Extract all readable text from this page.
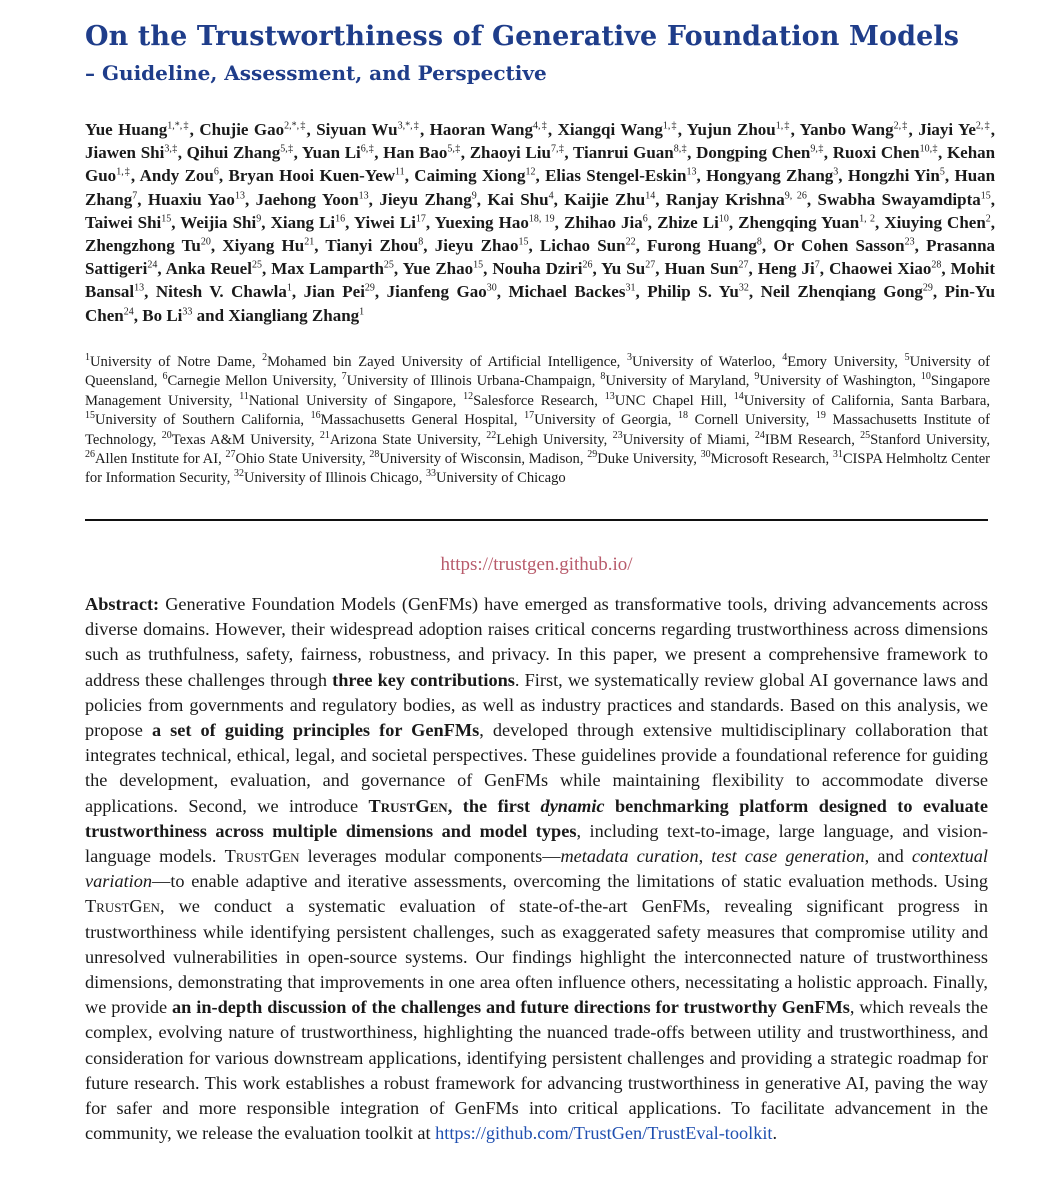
On the Trustworthiness of Generative Foundation Models
– Guideline, Assessment, and Perspective
Yue Huang$^{1,*,\ddagger}$, Chujie Gao$^{2,*,\ddagger}$, Siyuan $Wu^{3,*,\ddagger}$, Haoran Wang$^{4,\ddagger}$, Xiangqi Wang$^{1,\ddagger}$, Yujun Zhou$^{1,\ddagger}$, Yanbo Wang$^{2,\ddagger}$, Jiayi $Ye^{2,\ddagger}$, Jiawen Shi$^{3,\ddagger}$, Qihui Zhang$^{5,\ddagger}$, Yuan $Li^{6,\ddagger}$, Han Bao$^{5,\ddagger}$, Zhaoyi Liu$^{7,\ddagger}$, Tianrui Guan$^{8,\ddagger}$, Dongping Chen$^{9,\ddagger}$, Ruoxi Chen$^{10,\ddagger}$, Kehan Guo$^{1,\ddagger}$, Andy Zou$^6$, Bryan Hooi Kuen-Yew$^{11}$, Caiming Xiong$^{12}$, Elias Stengel-Eskin$^{13}$, Hongyang Zhang$^3$, Hongzhi Yin$^5$, Huan Zhang$^7$, Huaxiu Yao$^{13}$, Jaehong Yoon$^{13}$, Jieyu Zhang$^9$, Kai Shu$^4$, Kaijie Zhu$^{14}$, Ranjay Krishna$^{9, 26}$, Swabha Swayamdipta$^{15}$, Taiwei Shi$^{15}$, Weijia Shi$^9$, Xiang Li$^{16}$, Yiwei Li$^{17}$, Yuexing Hao$^{18, 19}$, Zhihao Jia$^6$, Zhize Li$^{10}$, Zhengqing Yuan$^{1, 2}$, Xiuying Chen$^2$, Zhengzhong Tu$^{20}$, Xiyang Hu$^{21}$, Tianyi Zhou$^8$, Jieyu Zhao$^{15}$, Lichao Sun$^{22}$, Furong Huang$^8$, Or Cohen Sasson$^{23}$, Prasanna Sattigeri$^{24}$, Anka Reuel$^{25}$, Max Lamparth$^{25}$, Yue Zhao$^{15}$, Nouha Dziri$^{26}$, Yu Su$^{27}$, Huan Sun$^{27}$, Heng Ji$^7$, Chaowei Xiao$^{28}$, Mohit Bansal$^{13}$, Nitesh V. Chawla$^1$, Jian Pei$^{29}$, Jianfeng Gao$^{30}$, Michael Backes$^{31}$, Philip S. Yu$^{32}$, Neil Zhenqiang Gong$^{29}$, Pin-Yu Chen$^{24}$, Bo Li$^{33}$ and Xiangliang Zhang$^1$
$^1$University of Notre Dame, $^2$Mohamed bin Zayed University of Artificial Intelligence, $^3$University of Waterloo, $^4$Emory University, $^5$University of Queensland, $^6$Carnegie Mellon University, $^7$University of Illinois Urbana-Champaign, $^8$University of Maryland, $^9$University of Washington, $^{10}$Singapore Management University, $^{11}$National University of Singapore, $^{12}$Salesforce Research, $^{13}$UNC Chapel Hill, $^{14}$University of California, Santa Barbara, $^{15}$University of Southern California, $^{16}$Massachusetts General Hospital, $^{17}$University of Georgia, $^{18}$ Cornell University, $^{19}$ Massachusetts Institute of Technology, $^{20}$Texas A&M University, $^{21}$Arizona State University, $^{22}$Lehigh University, $^{23}$University of Miami, $^{24}$IBM Research, $^{25}$Stanford University, $^{26}$Allen Institute for AI, $^{27}$Ohio State University, $^{28}$University of Wisconsin, Madison, $^{29}$Duke University, $^{30}$Microsoft Research, $^{31}$CISPA Helmholtz Center for Information Security, $^{32}$University of Illinois Chicago, $^{33}$University of Chicago
https://trustgen.github.io/
Abstract: Generative Foundation Models (GenFMs) have emerged as transformative tools, driving advancements across diverse domains. However, their widespread adoption raises critical concerns regarding trustworthiness across dimensions such as truthfulness, safety, fairness, robustness, and privacy. In this paper, we present a comprehensive framework to address these challenges through three key contributions. First, we systematically review global AI governance laws and policies from governments and regulatory bodies, as well as industry practices and standards. Based on this analysis, we propose a set of guiding principles for GenFMs, developed through extensive multidisciplinary collaboration that integrates technical, ethical, legal, and societal perspectives. These guidelines provide a foundational reference for guiding the development, evaluation, and governance of GenFMs while maintaining flexibility to accommodate diverse applications. Second, we introduce TrustGen, the first dynamic benchmarking platform designed to evaluate trustworthiness across multiple dimensions and model types, including text-to-image, large language, and vision-language models. TrustGen leverages modular components—metadata curation, test case generation, and contextual variation—to enable adaptive and iterative assessments, overcoming the limitations of static evaluation methods. Using TrustGen, we conduct a systematic evaluation of state-of-the-art GenFMs, revealing significant progress in trustworthiness while identifying persistent challenges, such as exaggerated safety measures that compromise utility and unresolved vulnerabilities in open-source systems. Our findings highlight the interconnected nature of trustworthiness dimensions, demonstrating that improvements in one area often influence others, necessitating a holistic approach. Finally, we provide an in-depth discussion of the challenges and future directions for trustworthy GenFMs, which reveals the complex, evolving nature of trustworthiness, highlighting the nuanced trade-offs between utility and trustworthiness, and consideration for various downstream applications, identifying persistent challenges and providing a strategic roadmap for future research. This work establishes a robust framework for advancing trustworthiness in generative AI, paving the way for safer and more responsible integration of GenFMs into critical applications. To facilitate advancement in the community, we release the evaluation toolkit at https://github.com/TrustGen/TrustEval-toolkit.
